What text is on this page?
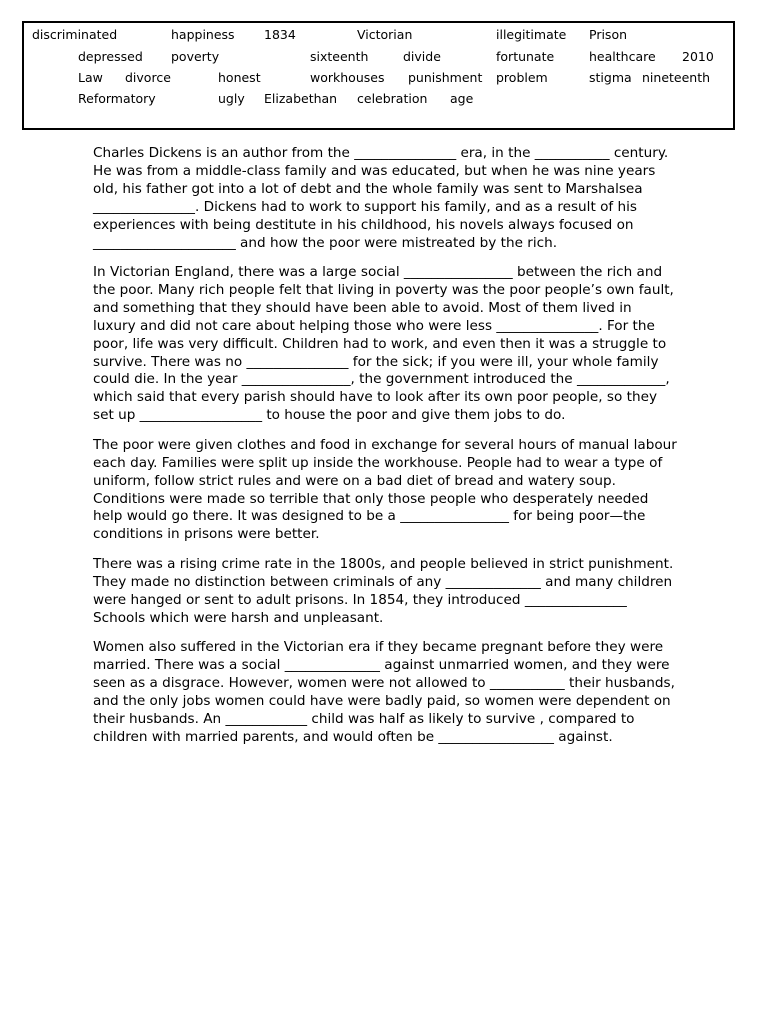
discriminated	happiness 1834	Victorian	illegitimate Prison
depressed poverty	sixteenth	divide	fortunate	healthcare 2010
Law divorce	honest	workhouses punishment problem	stigma nineteenth
Reformatory	ugly Elizabethan celebration age

Charles Dickens is an author from the _______________ era, in the ___________ century. He was from a middle-class family and was educated, but when he was nine years old, his father got into a lot of debt and the whole family was sent to Marshalsea _______________. Dickens had to work to support his family, and as a result of his experiences with being destitute in his childhood, his novels always focused on _____________________ and how the poor were mistreated by the rich.

In Victorian England, there was a large social ________________ between the rich and the poor. Many rich people felt that living in poverty was the poor people’s own fault, and something that they should have been able to avoid. Most of them lived in luxury and did not care about helping those who were less _______________. For the poor, life was very difficult. Children had to work, and even then it was a struggle to survive. There was no _______________ for the sick; if you were ill, your whole family could die. In the year ________________, the government introduced the _____________, which said that every parish should have to look after its own poor people, so they set up __________________ to house the poor and give them jobs to do.

The poor were given clothes and food in exchange for several hours of manual labour each day. Families were split up inside the workhouse. People had to wear a type of uniform, follow strict rules and were on a bad diet of bread and watery soup. Conditions were made so terrible that only those people who desperately needed help would go there. It was designed to be a ________________ for being poor—the conditions in prisons were better.

There was a rising crime rate in the 1800s, and people believed in strict punishment. They made no distinction between criminals of any ______________ and many children were hanged or sent to adult prisons. In 1854, they introduced _______________ Schools which were harsh and unpleasant.

Women also suffered in the Victorian era if they became pregnant before they were married. There was a social ______________ against unmarried women, and they were seen as a disgrace. However, women were not allowed to ___________ their husbands, and the only jobs women could have were badly paid, so women were dependent on their husbands. An ____________ child was half as likely to survive , compared to children with married parents, and would often be _________________ against.
